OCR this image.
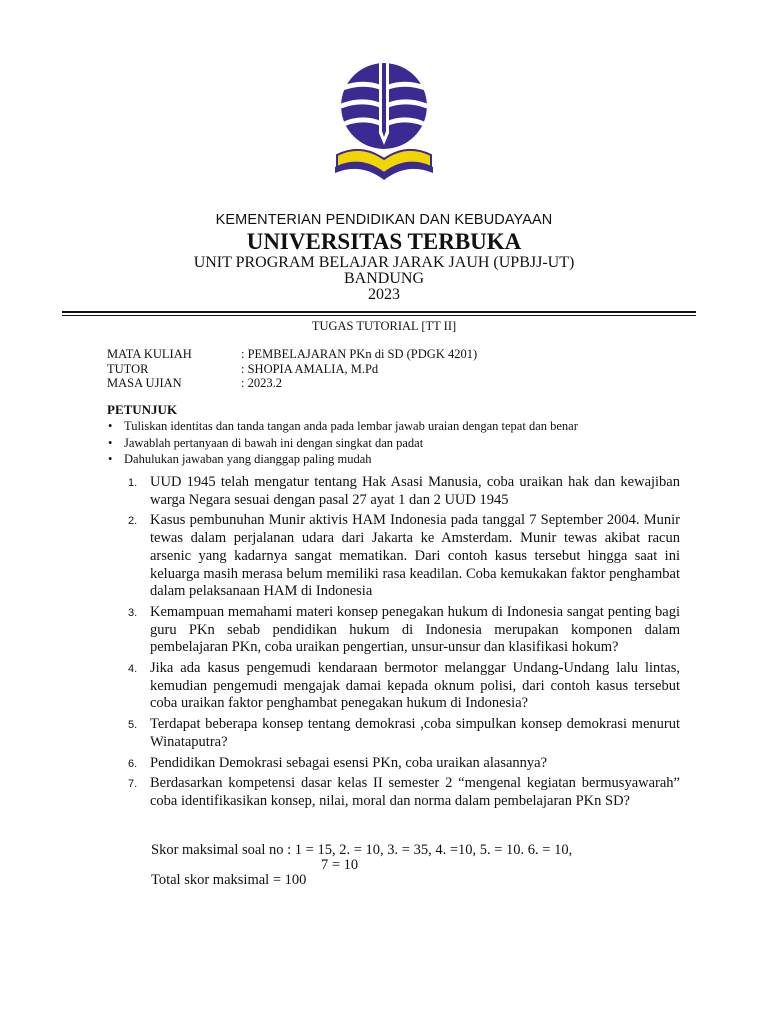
KEMENTERIAN PENDIDIKAN DAN KEBUDAYAAN
UNIVERSITAS TERBUKA
UNIT PROGRAM BELAJAR JARAK JAUH (UPBJJ-UT)
BANDUNG
2023
TUGAS TUTORIAL [TT II]
MATA KULIAH	: PEMBELAJARAN PKn di SD (PDGK 4201)
TUTOR	: SHOPIA AMALIA, M.Pd
MASA UJIAN	: 2023.2
PETUNJUK
• Tuliskan identitas dan tanda tangan anda pada lembar jawab uraian dengan tepat dan benar
• Jawablah pertanyaan di bawah ini dengan singkat dan padat
• Dahulukan jawaban yang dianggap paling mudah
1. UUD 1945 telah mengatur tentang Hak Asasi Manusia, coba uraikan hak dan kewajiban warga Negara sesuai dengan pasal 27 ayat 1 dan 2 UUD 1945
2. Kasus pembunuhan Munir aktivis HAM Indonesia pada tanggal 7 September 2004. Munir tewas dalam perjalanan udara dari Jakarta ke Amsterdam. Munir tewas akibat racun arsenic yang kadarnya sangat mematikan. Dari contoh kasus tersebut hingga saat ini keluarga masih merasa belum memiliki rasa keadilan. Coba kemukakan faktor penghambat dalam pelaksanaan HAM di Indonesia
3. Kemampuan memahami materi konsep penegakan hukum di Indonesia sangat penting bagi guru PKn sebab pendidikan hukum di Indonesia merupakan komponen dalam pembelajaran PKn, coba uraikan pengertian, unsur-unsur dan klasifikasi hokum?
4. Jika ada kasus pengemudi kendaraan bermotor melanggar Undang-Undang lalu lintas, kemudian pengemudi mengajak damai kepada oknum polisi, dari contoh kasus tersebut coba uraikan faktor penghambat penegakan hukum di Indonesia?
5. Terdapat beberapa konsep tentang demokrasi ,coba simpulkan konsep demokrasi menurut Winataputra?
6. Pendidikan Demokrasi sebagai esensi PKn, coba uraikan alasannya?
7. Berdasarkan kompetensi dasar kelas II semester 2 “mengenal kegiatan bermusyawarah” coba identifikasikan konsep, nilai, moral dan norma dalam pembelajaran PKn SD?
Skor maksimal soal no : 1 = 15, 2. = 10, 3. = 35, 4. =10, 5. = 10. 6. = 10,
7 = 10
Total skor maksimal = 100
